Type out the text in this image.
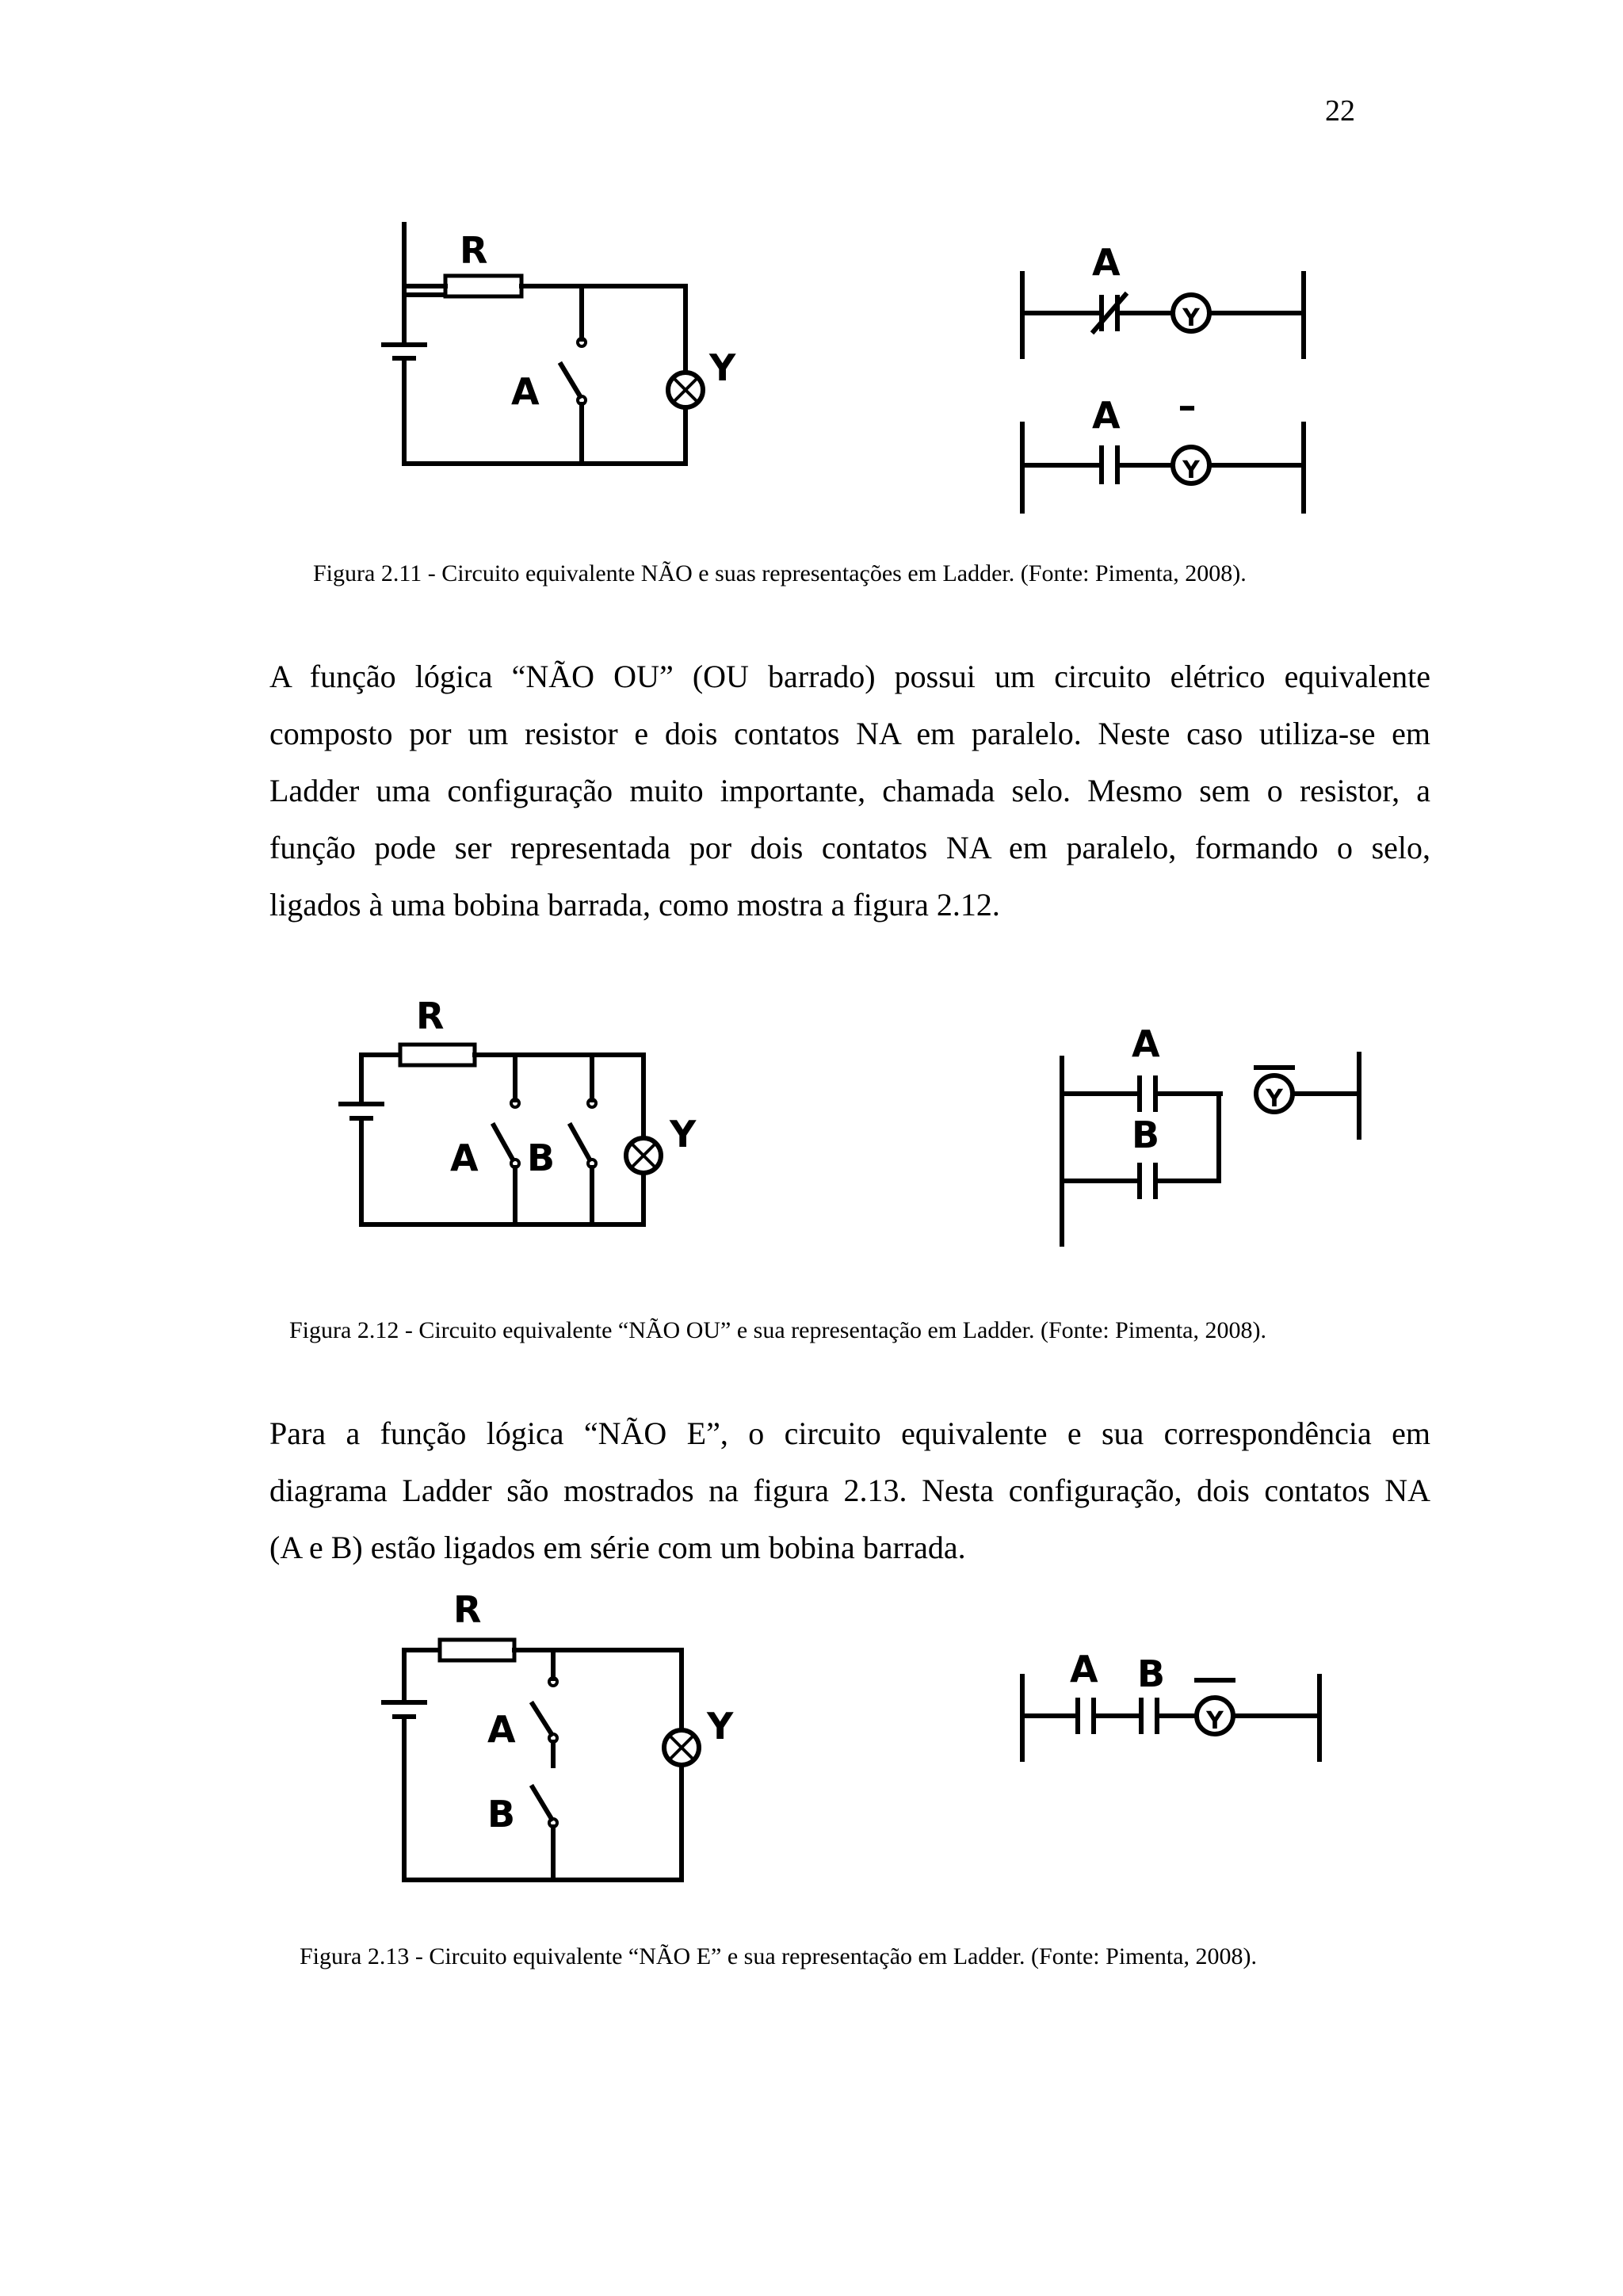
22
R
A
Y
A
Y
A –
Y
Figura 2.11 - Circuito equivalente NÃO e suas representações em Ladder. (Fonte: Pimenta, 2008).
A função lógica “NÃO OU” (OU barrado) possui um circuito elétrico equivalente
composto por um resistor e dois contatos NA em paralelo. Neste caso utiliza-se em
Ladder uma configuração muito importante, chamada selo. Mesmo sem o resistor, a
função pode ser representada por dois contatos NA em paralelo, formando o selo,
ligados à uma bobina barrada, como mostra a figura 2.12.
R
A B
Y
A
B
Y
Figura 2.12 - Circuito equivalente “NÃO OU” e sua representação em Ladder. (Fonte: Pimenta, 2008).
Para a função lógica “NÃO E”, o circuito equivalente e sua correspondência em
diagrama Ladder são mostrados na figura 2.13. Nesta configuração, dois contatos NA
(A e B) estão ligados em série com um bobina barrada.
R
A
B
Y
A B
Y
Figura 2.13 - Circuito equivalente “NÃO E” e sua representação em Ladder. (Fonte: Pimenta, 2008).
